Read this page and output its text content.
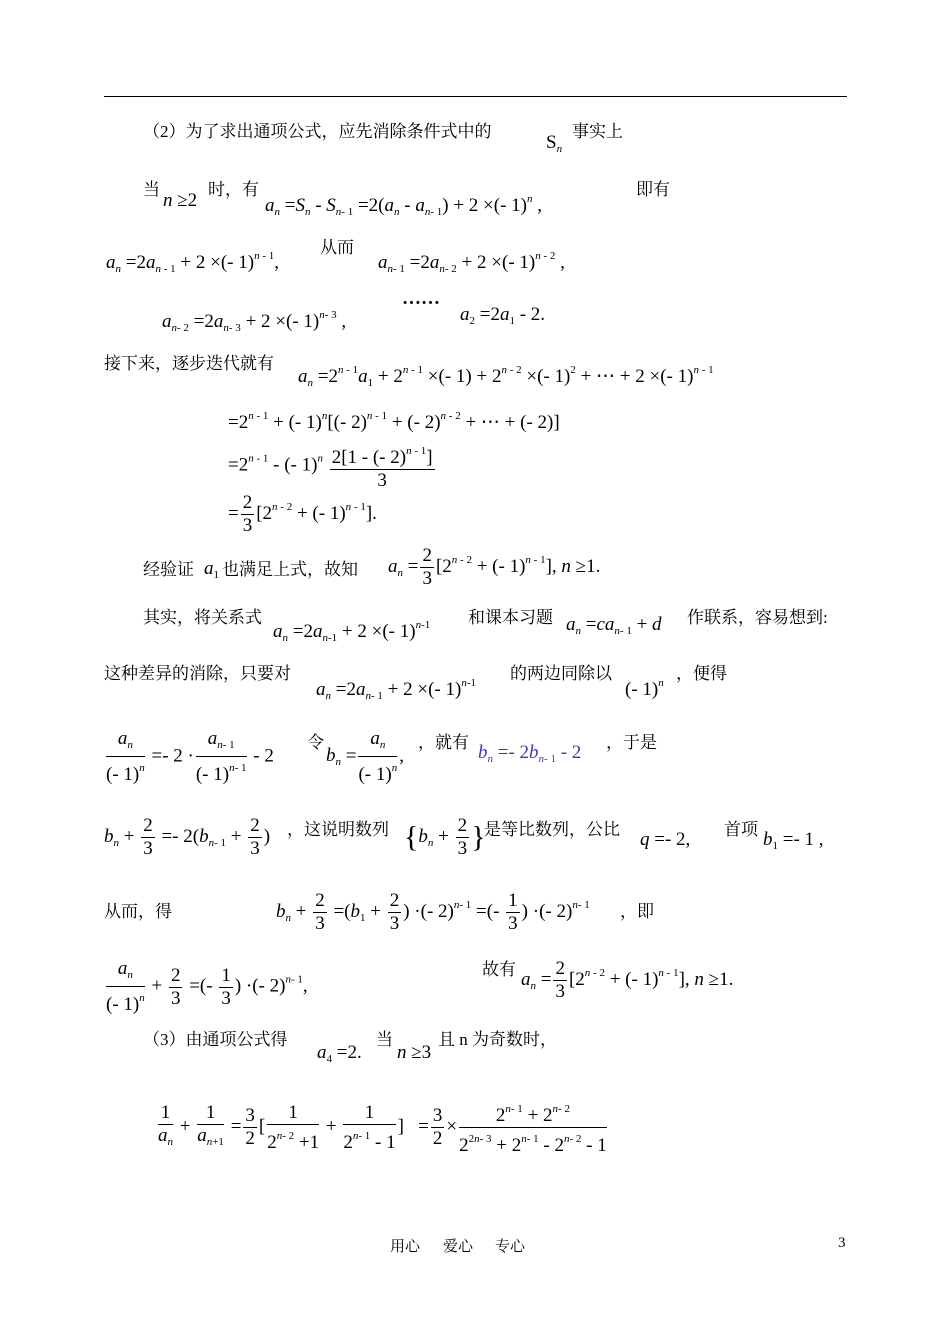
（2）为了求出通项公式，应先消除条件式中的
$S_n$
事实上
当
n ≥2
时，有
$a_n =S_n - S_{n- 1} =2(a_n - a_{n- 1}) + 2$ ×(- 1)$^n$ ,
即有
$a_n =2a_{n - 1} + 2$ ×(- 1)$^{n - 1}$,
从而
$a_{n- 1} =2a_{n- 2} + 2$ ×(- 1)$^{n - 2}$ ,
$a_{n- 2} =2a_{n- 3} + 2$ ×(- 1)$^{n- 3}$ ,
……
$a_2 =2a_1 - 2$.
接下来，逐步迭代就有
$a_n =2^{n - 1}a_1 + 2^{n - 1}$ ×(- $1) + 2^{n - 2}$ ×(- 1)$^2$ + ⋯ + 2 ×(- 1)$^{n - 1}$
$=2^{n - 1}$ + (- 1)$^n$[(- 2)$^{n - 1}$ + (- 2)$^{n - 2}$ + ⋯ + (- 2)]
$=2^{n - 1}$ - (- $1)^n \frac{2[1 - (- 2)^{n - 1}]}{3}$
= $\frac{2}{3} [2^{n - 2}$ + (- 1)$^{n - 1}$].
经验证 $a_1$ 也满足上式，故知 $a_n = \frac{2}{3} [2^{n - 2}$ + (- 1)$^{n - 1}$], n ≥1.
其实，将关系式
$a_n =2a_{n-1} + 2$ ×(- 1)$^{n-1}$ 和课本习题 $a_n =ca_{n- 1} + d$ 作联系，容易想到:
这种差异的消除，只要对
$a_n =2a_{n- 1} + 2$ ×(- 1)$^{n-1}$ 的两边同除以
(- 1)$^n$ ，便得
$\frac{a_n}{(- 1)^n} =- 2 \cdot \frac{a_{n- 1}}{(- 1)^{n- 1}} - 2$
令
$b_n = \frac{a_n}{(- 1)^n}$ ,
，就有 $b_n =- 2b_{n- 1} - 2$ ，于是
$b_n + \frac{2}{3} =- 2(b_{n- 1} + \frac{2}{3}$ ) ，这说明数列 {$b_n + \frac{2}{3}$ }
是等比数列，公比 q =- 2, 首项 $b_1 =- 1$ ,
从而，得	$b_n + \frac{2}{3} =(b_1 + \frac{2}{3}$ ) ·(- 2)$^{n- 1}$ =(- $\frac{1}{3}$ ) ·(- 2)$^{n- 1}$ ，即
$\frac{a_n}{(- 1)^n} + \frac{2}{3}$ =(- $\frac{1}{3}$ ) ·(- 2)$^{n- 1}$,
故有 $a_n = \frac{2}{3} [2^{n - 2}$ + (- 1)$^{n - 1}$], n ≥1.
（3）由通项公式得
$a_4 =2$.
当
n ≥3
且 n 为奇数时，
$\frac{1}{a_n} + \frac{1}{a_{n+1}} = \frac{3}{2}$ [ $\frac{1}{2^{n- 2} +1} + \frac{1}{2^{n- 1} - 1}$ ]   = $\frac{3}{2} \times \frac{2^{n- 1} + 2^{n- 2}}{2^{2n- 3} + 2^{n- 1} - 2^{n- 2} - 1}$
用心 爱心 专心	3
